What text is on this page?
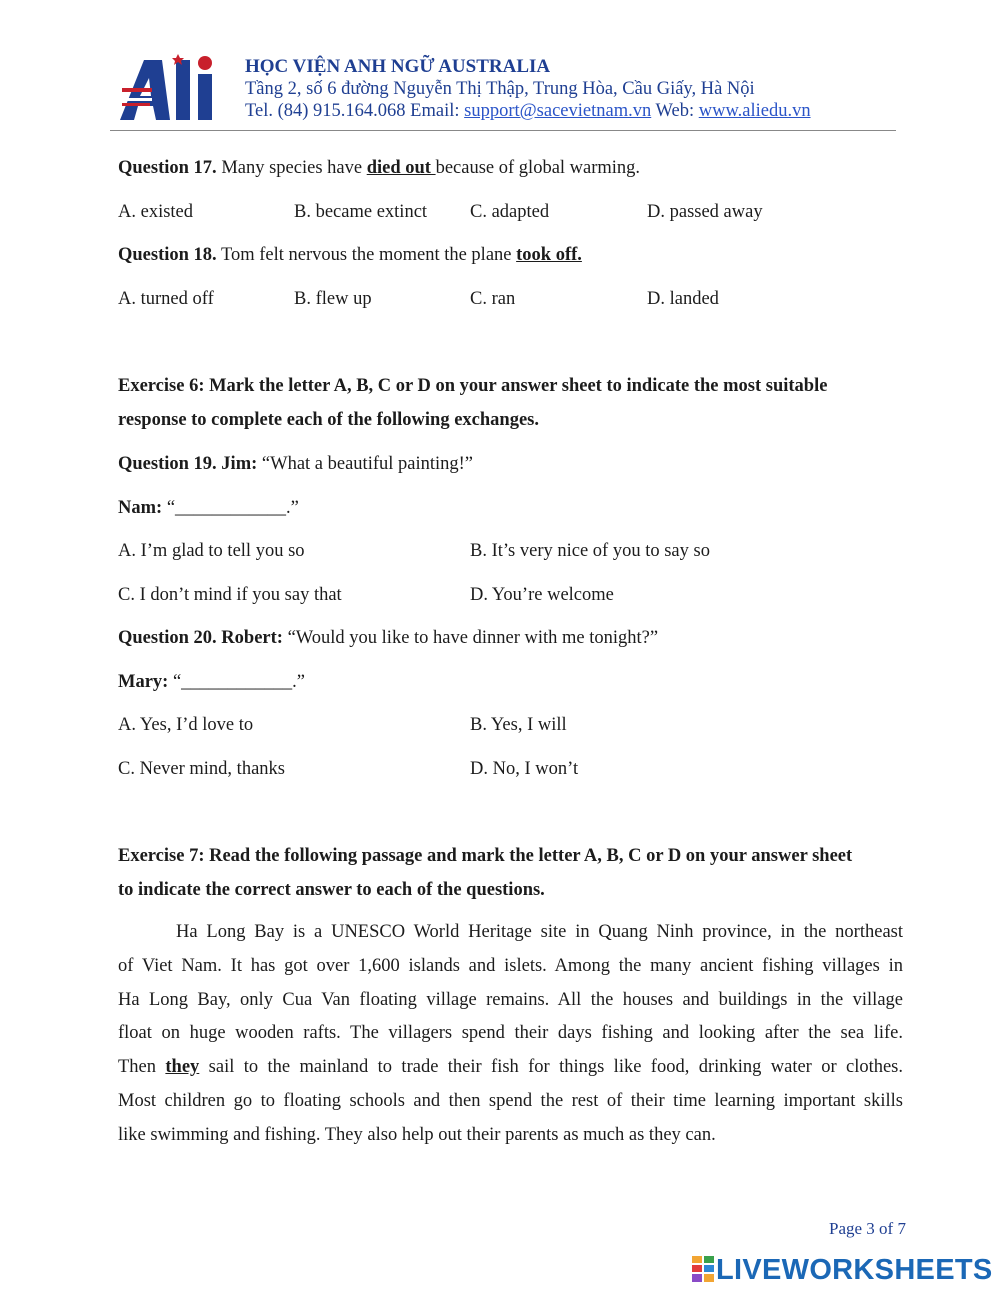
HỌC VIỆN ANH NGỮ AUSTRALIA
Tầng 2, số 6 đường Nguyễn Thị Thập, Trung Hòa, Cầu Giấy, Hà Nội
Tel. (84) 915.164.068 Email: support@sacevietnam.vn Web: www.aliedu.vn
Question 17. Many species have died out because of global warming.
A. existed	B. became extinct C. adapted	D. passed away
Question 18. Tom felt nervous the moment the plane took off.
A. turned off	B. flew up	C. ran	D. landed
Exercise 6: Mark the letter A, B, C or D on your answer sheet to indicate the most suitable
response to complete each of the following exchanges.
Question 19. Jim: “What a beautiful painting!”
Nam: “____________.”
A. I’m glad to tell you so	B. It’s very nice of you to say so
C. I don’t mind if you say that	D. You’re welcome
Question 20. Robert: “Would you like to have dinner with me tonight?”
Mary: “____________.”
A. Yes, I’d love to	B. Yes, I will
C. Never mind, thanks	D. No, I won’t
Exercise 7: Read the following passage and mark the letter A, B, C or D on your answer sheet
to indicate the correct answer to each of the questions.
Ha Long Bay is a UNESCO World Heritage site in Quang Ninh province, in the northeast
of Viet Nam. It has got over 1,600 islands and islets. Among the many ancient fishing villages in
Ha Long Bay, only Cua Van floating village remains. All the houses and buildings in the village
float on huge wooden rafts. The villagers spend their days fishing and looking after the sea life.
Then they sail to the mainland to trade their fish for things like food, drinking water or clothes.
Most children go to floating schools and then spend the rest of their time learning important skills
like swimming and fishing. They also help out their parents as much as they can.
Page 3 of 7
LIVEWORKSHEETS
